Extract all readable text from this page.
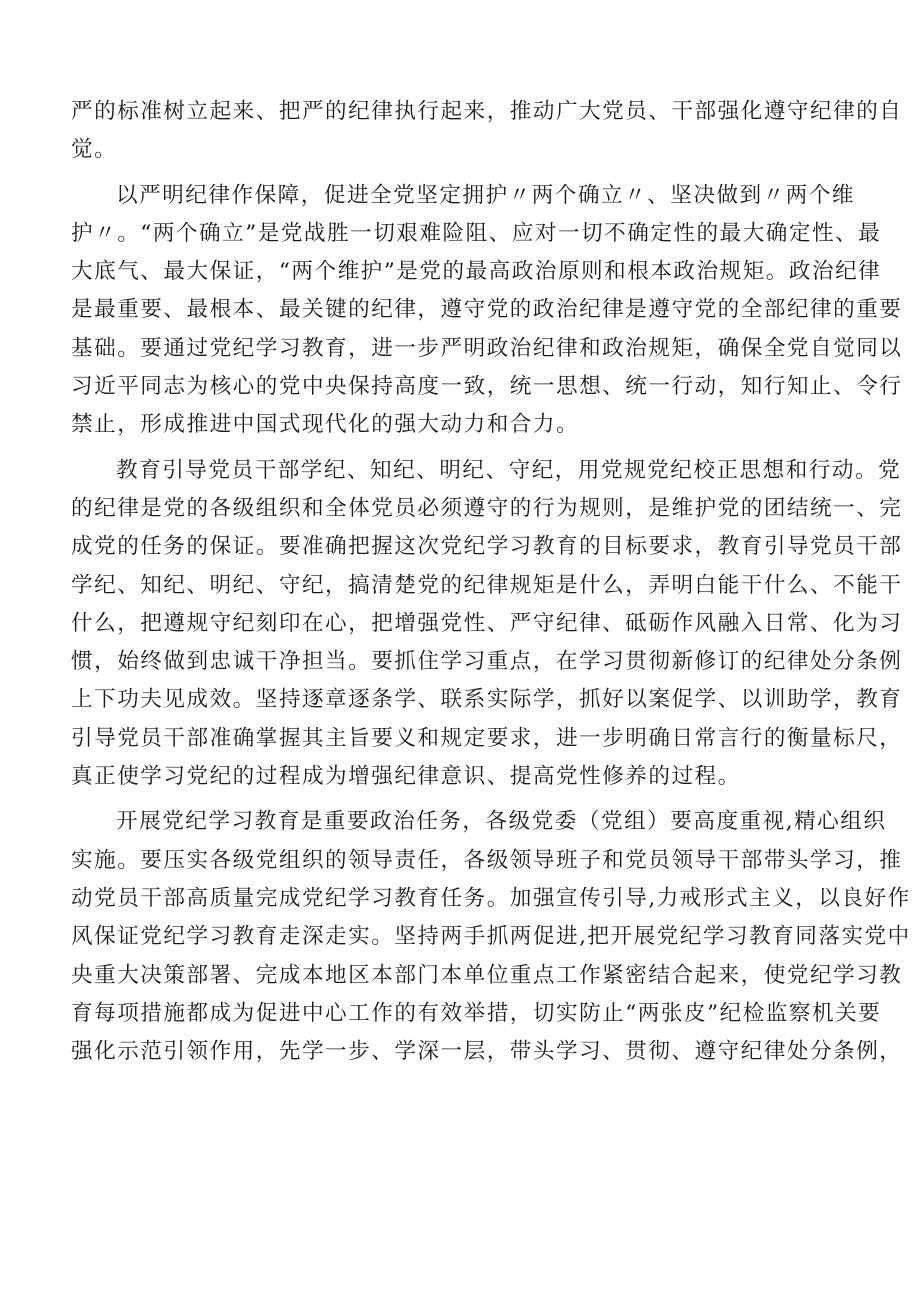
严的标准树立起来、把严的纪律执行起来，推动广大党员、干部强化遵守纪律的自
觉。
以严明纪律作保障，促进全党坚定拥护〃两个确立〃、坚决做到〃两个维
护〃。“两个确立”是党战胜一切艰难险阻、应对一切不确定性的最大确定性、最
大底气、最大保证，“两个维护”是党的最高政治原则和根本政治规矩。政治纪律
是最重要、最根本、最关键的纪律，遵守党的政治纪律是遵守党的全部纪律的重要
基础。要通过党纪学习教育，进一步严明政治纪律和政治规矩，确保全党自觉同以
习近平同志为核心的党中央保持高度一致，统一思想、统一行动，知行知止、令行
禁止，形成推进中国式现代化的强大动力和合力。
教育引导党员干部学纪、知纪、明纪、守纪，用党规党纪校正思想和行动。党
的纪律是党的各级组织和全体党员必须遵守的行为规则，是维护党的团结统一、完
成党的任务的保证。要准确把握这次党纪学习教育的目标要求，教育引导党员干部
学纪、知纪、明纪、守纪，搞清楚党的纪律规矩是什么，弄明白能干什么、不能干
什么，把遵规守纪刻印在心，把增强党性、严守纪律、砥砺作风融入日常、化为习
惯，始终做到忠诚干净担当。要抓住学习重点，在学习贯彻新修订的纪律处分条例
上下功夫见成效。坚持逐章逐条学、联系实际学，抓好以案促学、以训助学，教育
引导党员干部准确掌握其主旨要义和规定要求，进一步明确日常言行的衡量标尺，
真正使学习党纪的过程成为增强纪律意识、提高党性修养的过程。
开展党纪学习教育是重要政治任务，各级党委（党组）要高度重视,精心组织
实施。要压实各级党组织的领导责任，各级领导班子和党员领导干部带头学习，推
动党员干部高质量完成党纪学习教育任务。加强宣传引导,力戒形式主义，以良好作
风保证党纪学习教育走深走实。坚持两手抓两促进,把开展党纪学习教育同落实党中
央重大决策部署、完成本地区本部门本单位重点工作紧密结合起来，使党纪学习教
育每项措施都成为促进中心工作的有效举措，切实防止“两张皮”纪检监察机关要
强化示范引领作用，先学一步、学深一层，带头学习、贯彻、遵守纪律处分条例，
